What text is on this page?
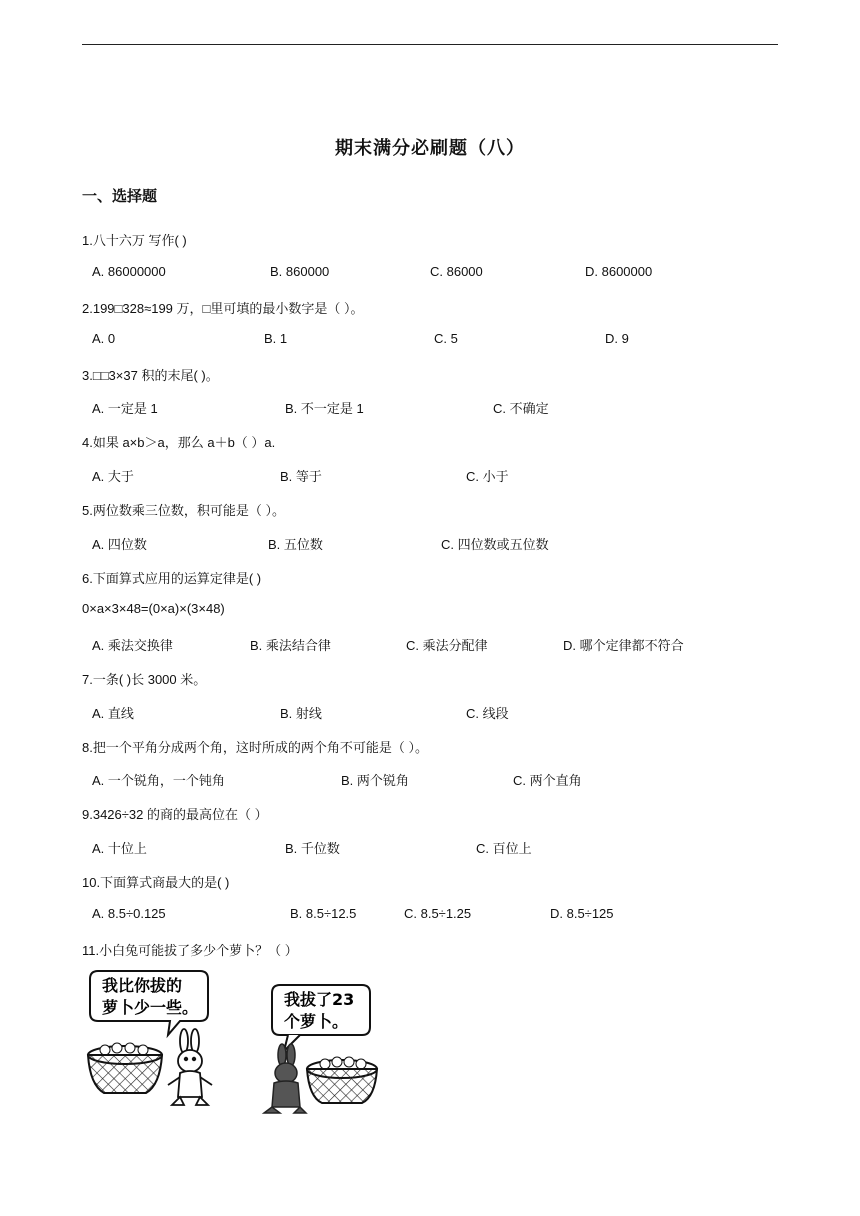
期末满分必刷题（八）
一、选择题
1.八十六万 写作( )
A. 86000000	B. 860000	C. 86000	D. 8600000
2.199□328≈199 万，□里可填的最小数字是（ ）。
A. 0	B. 1	C. 5	D. 9
3.□□3×37 积的末尾( )。
A. 一定是 1	B. 不一定是 1	C. 不确定
4.如果 a×b＞a，那么 a＋b（ ）a.
A. 大于	B. 等于	C. 小于
5.两位数乘三位数，积可能是（ ）。
A. 四位数	B. 五位数	C. 四位数或五位数
6.下面算式应用的运算定律是( )
0×a×3×48=(0×a)×(3×48)
A. 乘法交换律	B. 乘法结合律	C. 乘法分配律	D. 哪个定律都不符合
7.一条( )长 3000 米。
A. 直线	B. 射线	C. 线段
8.把一个平角分成两个角，这时所成的两个角不可能是（ ）。
A. 一个锐角，一个钝角	B. 两个锐角	C. 两个直角
9.3426÷32 的商的最高位在（ ）
A. 十位上	B. 千位数	C. 百位上
10.下面算式商最大的是( )
A. 8.5÷0.125	B. 8.5÷12.5	C. 8.5÷1.25	D. 8.5÷125
11.小白兔可能拔了多少个萝卜？（ ）
我比你拔的
萝卜少一些。	我拔了23
个萝卜。
